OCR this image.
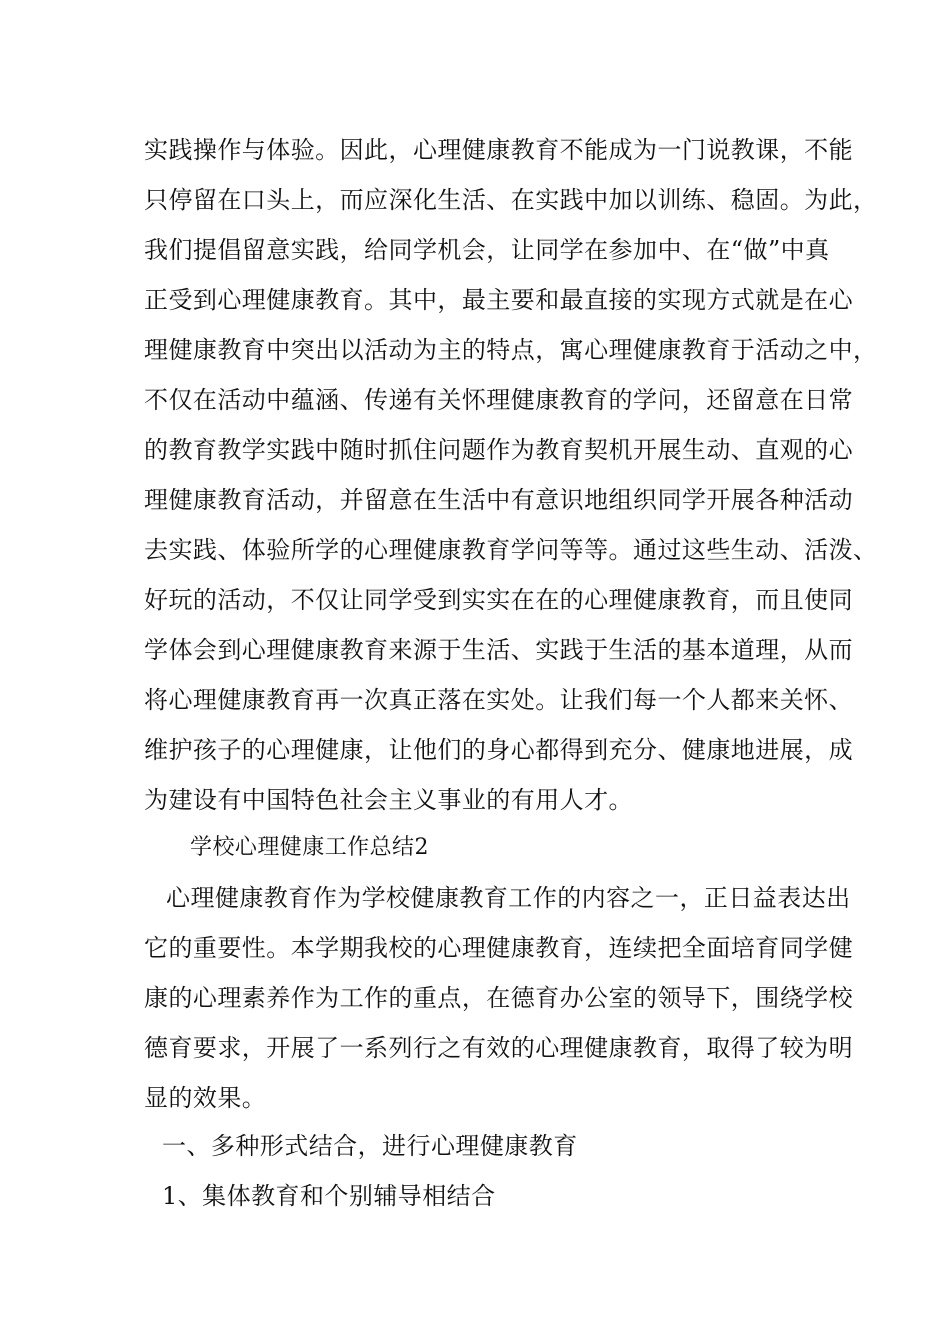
实践操作与体验。因此，心理健康教育不能成为一门说教课，不能
只停留在口头上，而应深化生活、在实践中加以训练、稳固。为此，
我们提倡留意实践，给同学机会，让同学在参加中、在“做”中真
正受到心理健康教育。其中，最主要和最直接的实现方式就是在心
理健康教育中突出以活动为主的特点，寓心理健康教育于活动之中，
不仅在活动中蕴涵、传递有关怀理健康教育的学问，还留意在日常
的教育教学实践中随时抓住问题作为教育契机开展生动、直观的心
理健康教育活动，并留意在生活中有意识地组织同学开展各种活动
去实践、体验所学的心理健康教育学问等等。通过这些生动、活泼、
好玩的活动，不仅让同学受到实实在在的心理健康教育，而且使同
学体会到心理健康教育来源于生活、实践于生活的基本道理，从而
将心理健康教育再一次真正落在实处。让我们每一个人都来关怀、
维护孩子的心理健康，让他们的身心都得到充分、健康地进展，成
为建设有中国特色社会主义事业的有用人才。
学校心理健康工作总结2
心理健康教育作为学校健康教育工作的内容之一，正日益表达出
它的重要性。本学期我校的心理健康教育，连续把全面培育同学健
康的心理素养作为工作的重点，在德育办公室的领导下，围绕学校
德育要求，开展了一系列行之有效的心理健康教育，取得了较为明
显的效果。
一、多种形式结合，进行心理健康教育
1、集体教育和个别辅导相结合
